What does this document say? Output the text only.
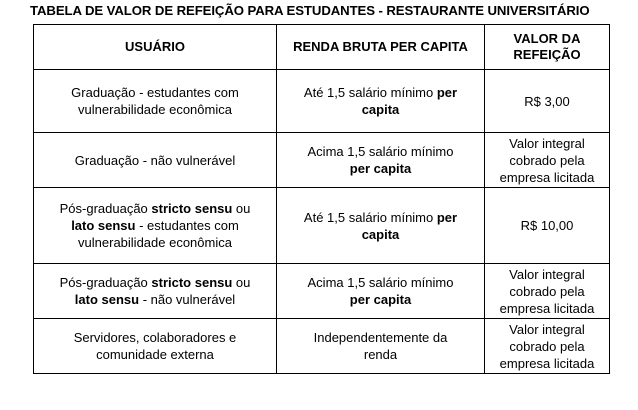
TABELA DE VALOR DE REFEIÇÃO PARA ESTUDANTES - RESTAURANTE UNIVERSITÁRIO
USUÁRIO	RENDA BRUTA PER CAPITA	VALOR DA REFEIÇÃO
Graduação - estudantes com vulnerabilidade econômica	Até 1,5 salário mínimo per capita	R$ 3,00
Graduação - não vulnerável	Acima 1,5 salário mínimo per capita	Valor integral cobrado pela empresa licitada
Pós-graduação stricto sensu ou lato sensu - estudantes com vulnerabilidade econômica	Até 1,5 salário mínimo per capita	R$ 10,00
Pós-graduação stricto sensu ou lato sensu - não vulnerável	Acima 1,5 salário mínimo per capita	Valor integral cobrado pela empresa licitada
Servidores, colaboradores e comunidade externa	Independentemente da renda	Valor integral cobrado pela empresa licitada
